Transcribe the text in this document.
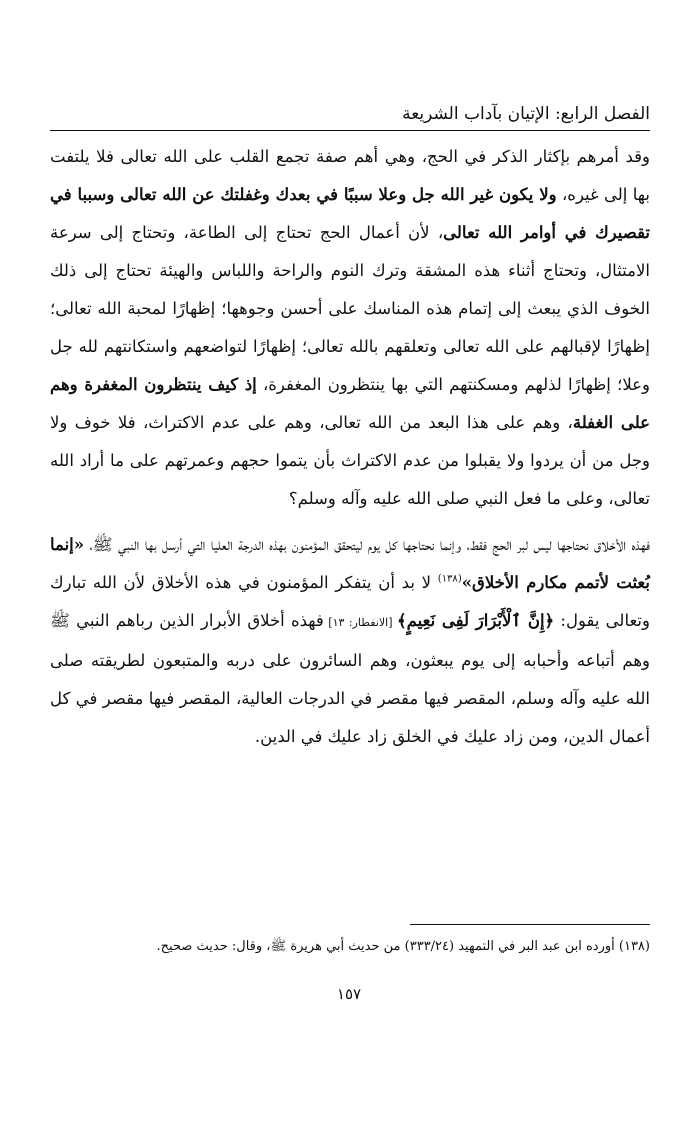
الفصل الرابع: الإتيان بآداب الشريعة

وقد أمرهم بإكثار الذكر في الحج، وهي أهم صفة تجمع القلب على الله تعالى فلا يلتفت بها إلى غيره، ولا يكون غير الله جل وعلا سببًا في بعدك وغفلتك عن الله تعالى وسببا في تقصيرك في أوامر الله تعالى، لأن أعمال الحج تحتاج إلى الطاعة، وتحتاج إلى سرعة الامتثال، وتحتاج أثناء هذه المشقة وترك النوم والراحة واللباس والهيئة تحتاج إلى ذلك الخوف الذي يبعث إلى إتمام هذه المناسك على أحسن وجوهها؛ إظهارًا لمحبة الله تعالى؛ إظهارًا لإقبالهم على الله تعالى وتعلقهم بالله تعالى؛ إظهارًا لتواضعهم واستكانتهم لله جل وعلا؛ إظهارًا لذلهم ومسكنتهم التي بها ينتظرون المغفرة، إذ كيف ينتظرون المغفرة وهم على الغفلة، وهم على هذا البعد من الله تعالى، وهم على عدم الاكتراث، فلا خوف ولا وجل من أن يردوا ولا يقبلوا من عدم الاكتراث بأن يتموا حجهم وعمرتهم على ما أراد الله تعالى، وعلى ما فعل النبي صلى الله عليه وآله وسلم؟

فهذه الأخلاق نحتاجها ليس لبر الحج فقط، وإنما نحتاجها كل يوم ليتحقق المؤمنون بهذه الدرجة العليا التي أرسل بها النبي ﷺ، «إنما بُعثت لأتمم مكارم الأخلاق»$^{(١٣٨)}$ لا بد أن يتفكر المؤمنون في هذه الأخلاق لأن الله تبارك وتعالى يقول: ﴿إِنَّ ٱلْأَبْرَارَ لَفِى نَعِيمٍ﴾ [الانفطار: ١٣] فهذه أخلاق الأبرار الذين رباهم النبي ﷺ وهم أتباعه وأحبابه إلى يوم يبعثون، وهم السائرون على دربه والمتبعون لطريقته صلى الله عليه وآله وسلم، المقصر فيها مقصر في الدرجات العالية، المقصر فيها مقصر في كل أعمال الدين، ومن زاد عليك في الخلق زاد عليك في الدين.

(١٣٨) أورده ابن عبد البر في التمهيد (٣٣٣/٢٤) من حديث أبي هريرة ﷺ، وقال: حديث صحيح.
١٥٧
